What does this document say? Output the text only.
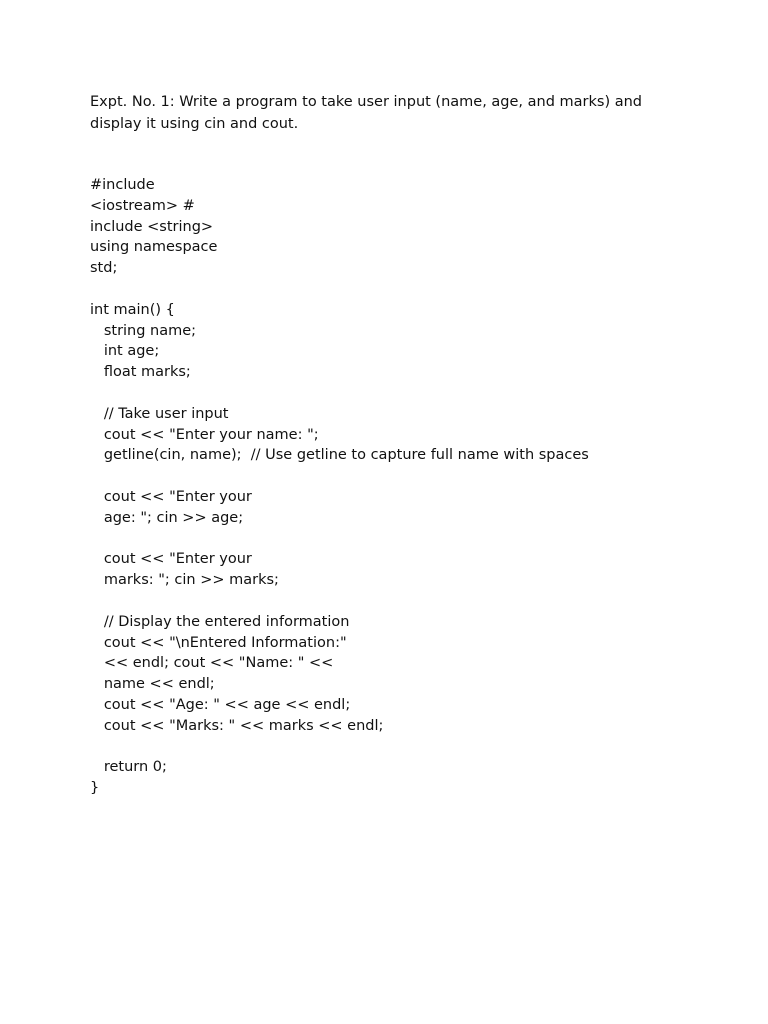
Expt. No. 1: Write a program to take user input (name, age, and marks) and
display it using cin and cout.
#include
<iostream> #
include <string>
using namespace
std;
int main() {
string name;
int age;
float marks;
// Take user input
cout << "Enter your name: ";
getline(cin, name);  // Use getline to capture full name with spaces
cout << "Enter your
age: "; cin >> age;
cout << "Enter your
marks: "; cin >> marks;
// Display the entered information
cout << "\nEntered Information:"
<< endl; cout << "Name: " <<
name << endl;
cout << "Age: " << age << endl;
cout << "Marks: " << marks << endl;
return 0;
}
